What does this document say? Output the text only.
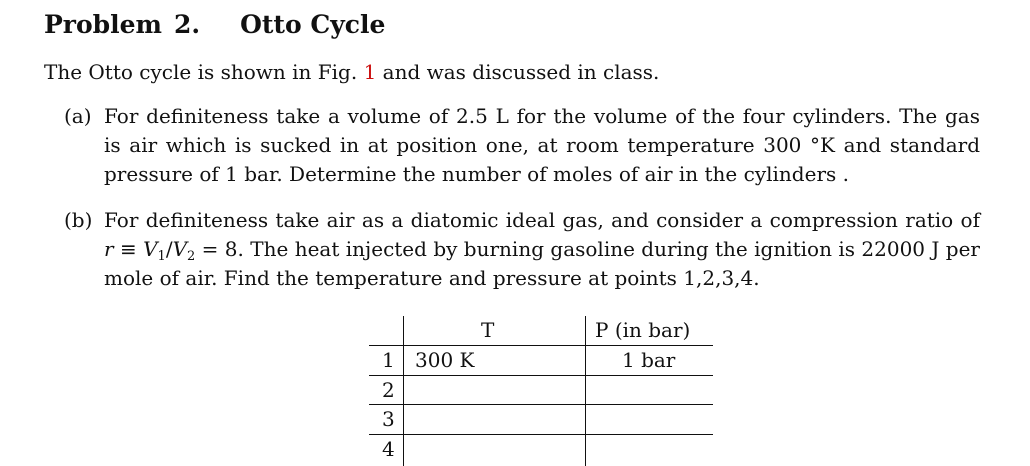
Problem 2. Otto Cycle
The Otto cycle is shown in Fig. 1 and was discussed in class.
(a) For definiteness take a volume of 2.5 L for the volume of the four cylinders. The gas is air which is sucked in at position one, at room temperature 300 °K and standard pressure of 1 bar. Determine the number of moles of air in the cylinders .
(b) For definiteness take air as a diatomic ideal gas, and consider a compression ratio of $r \equiv V_1/V_2 = 8$. The heat injected by burning gasoline during the ignition is 22000 J per mole of air. Find the temperature and pressure at points 1,2,3,4.
T	P (in bar)
1 300 K	1 bar
2
3
4
